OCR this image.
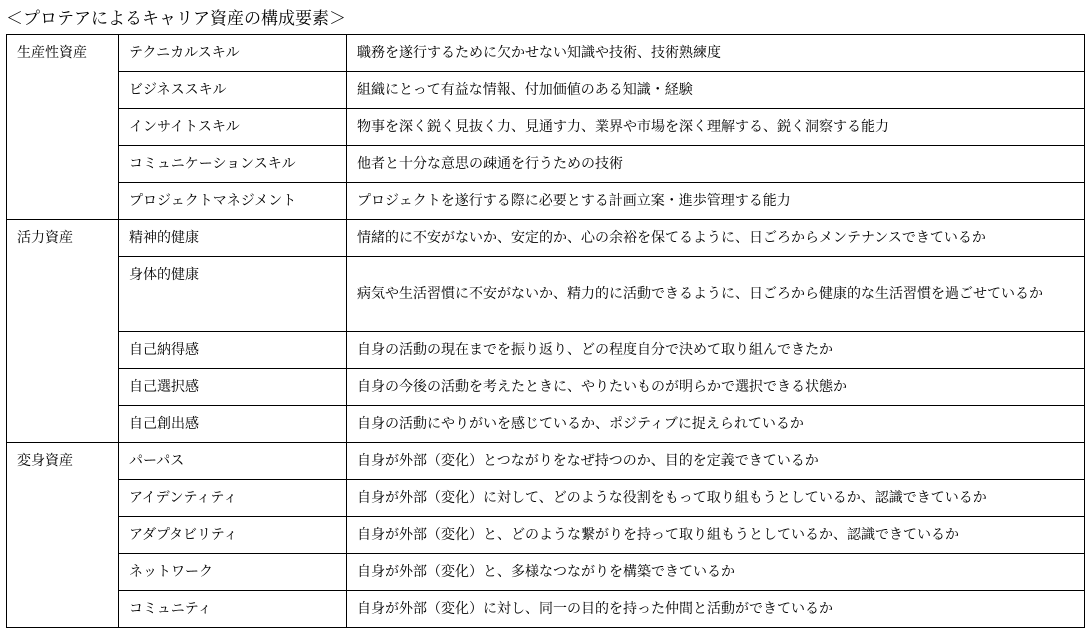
＜プロテアによるキャリア資産の構成要素＞
生産性資産	テクニカルスキル	職務を遂行するために欠かせない知識や技術、技術熟練度
	ビジネススキル	組織にとって有益な情報、付加価値のある知識・経験
	インサイトスキル	物事を深く鋭く見抜く力、見通す力、業界や市場を深く理解する、鋭く洞察する能力
	コミュニケーションスキル	他者と十分な意思の疎通を行うための技術
	プロジェクトマネジメント	プロジェクトを遂行する際に必要とする計画立案・進歩管理する能力
活力資産	精神的健康	情緒的に不安がないか、安定的か、心の余裕を保てるように、日ごろからメンテナンスできているか
	身体的健康	病気や生活習慣に不安がないか、精力的に活動できるように、日ごろから健康的な生活習慣を過ごせているか
	自己納得感	自身の活動の現在までを振り返り、どの程度自分で決めて取り組んできたか
	自己選択感	自身の今後の活動を考えたときに、やりたいものが明らかで選択できる状態か
	自己創出感	自身の活動にやりがいを感じているか、ポジティブに捉えられているか
変身資産	パーパス	自身が外部（変化）とつながりをなぜ持つのか、目的を定義できているか
	アイデンティティ	自身が外部（変化）に対して、どのような役割をもって取り組もうとしているか、認識できているか
	アダプタビリティ	自身が外部（変化）と、どのような繋がりを持って取り組もうとしているか、認識できているか
	ネットワーク	自身が外部（変化）と、多様なつながりを構築できているか
	コミュニティ	自身が外部（変化）に対し、同一の目的を持った仲間と活動ができているか
